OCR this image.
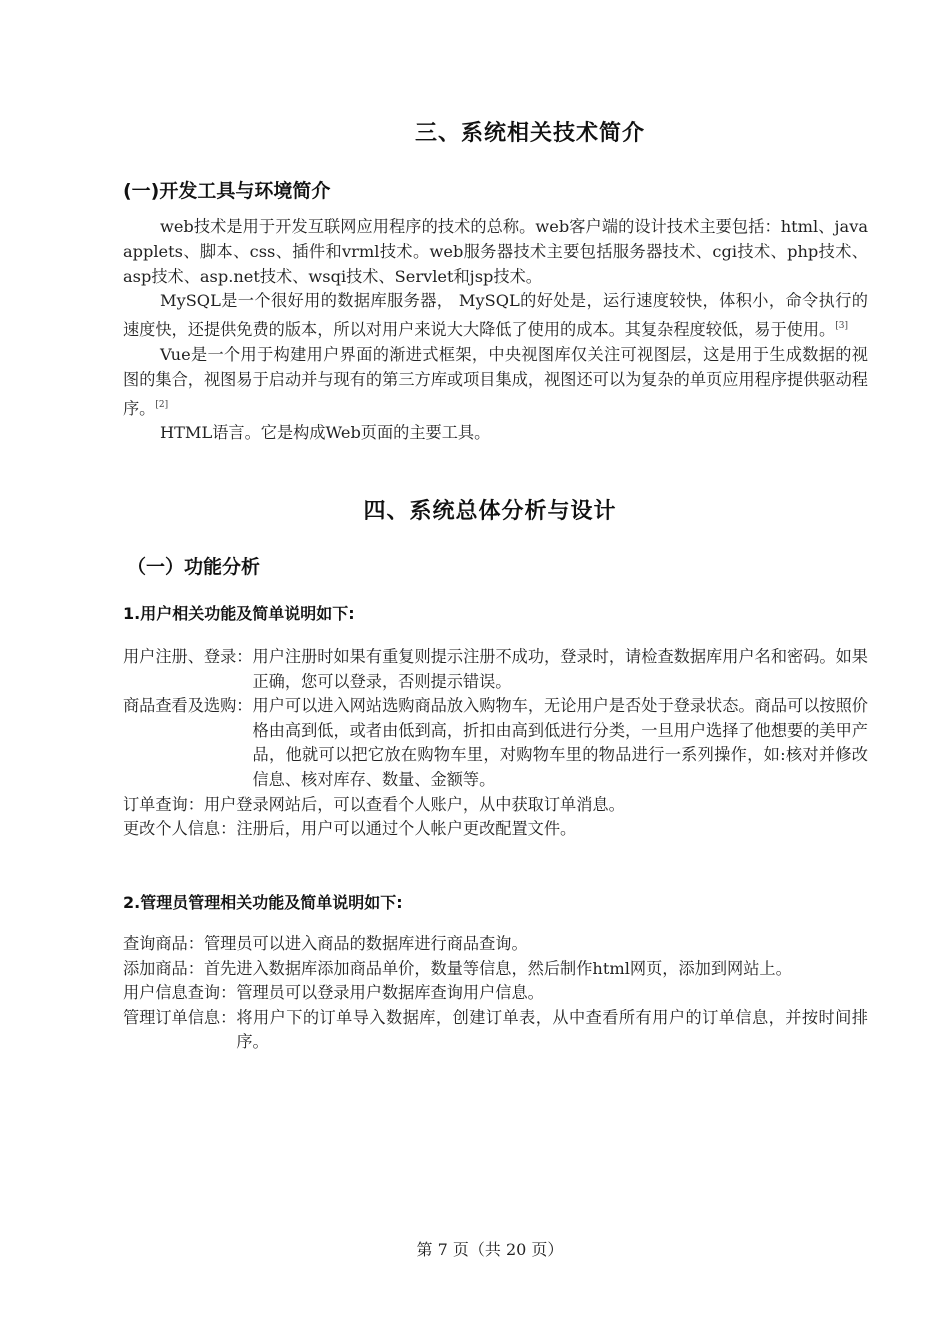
三、系统相关技术简介
(一)开发工具与环境简介

web技术是用于开发互联网应用程序的技术的总称。web客户端的设计技术主要包括：html、java applets、脚本、css、插件和vrml技术。web服务器技术主要包括服务器技术、cgi技术、php技术、asp技术、asp.net技术、wsqi技术、Servlet和jsp技术。

MySQL是一个很好用的数据库服务器， MySQL的好处是，运行速度较快，体积小，命令执行的速度快，还提供免费的版本，所以对用户来说大大降低了使用的成本。其复杂程度较低，易于使用。[3]

Vue是一个用于构建用户界面的渐进式框架，中央视图库仅关注可视图层，这是用于生成数据的视图的集合，视图易于启动并与现有的第三方库或项目集成，视图还可以为复杂的单页应用程序提供驱动程序。[2]

HTML语言。它是构成Web页面的主要工具。

四、系统总体分析与设计
（一）功能分析
1.用户相关功能及简单说明如下:
用户注册、登录： 用户注册时如果有重复则提示注册不成功，登录时，请检查数据库用户名和密码。如果正确，您可以登录，否则提示错误。
商品查看及选购： 用户可以进入网站选购商品放入购物车，无论用户是否处于登录状态。商品可以按照价格由高到低，或者由低到高，折扣由高到低进行分类，一旦用户选择了他想要的美甲产品，他就可以把它放在购物车里，对购物车里的物品进行一系列操作，如:核对并修改信息、核对库存、数量、金额等。
订单查询： 用户登录网站后，可以查看个人账户，从中获取订单消息。
更改个人信息： 注册后，用户可以通过个人帐户更改配置文件。
2.管理员管理相关功能及简单说明如下:
查询商品： 管理员可以进入商品的数据库进行商品查询。
添加商品： 首先进入数据库添加商品单价，数量等信息，然后制作html网页，添加到网站上。
用户信息查询： 管理员可以登录用户数据库查询用户信息。
管理订单信息： 将用户下的订单导入数据库，创建订单表，从中查看所有用户的订单信息，并按时间排序。
第 7 页（共 20 页）
